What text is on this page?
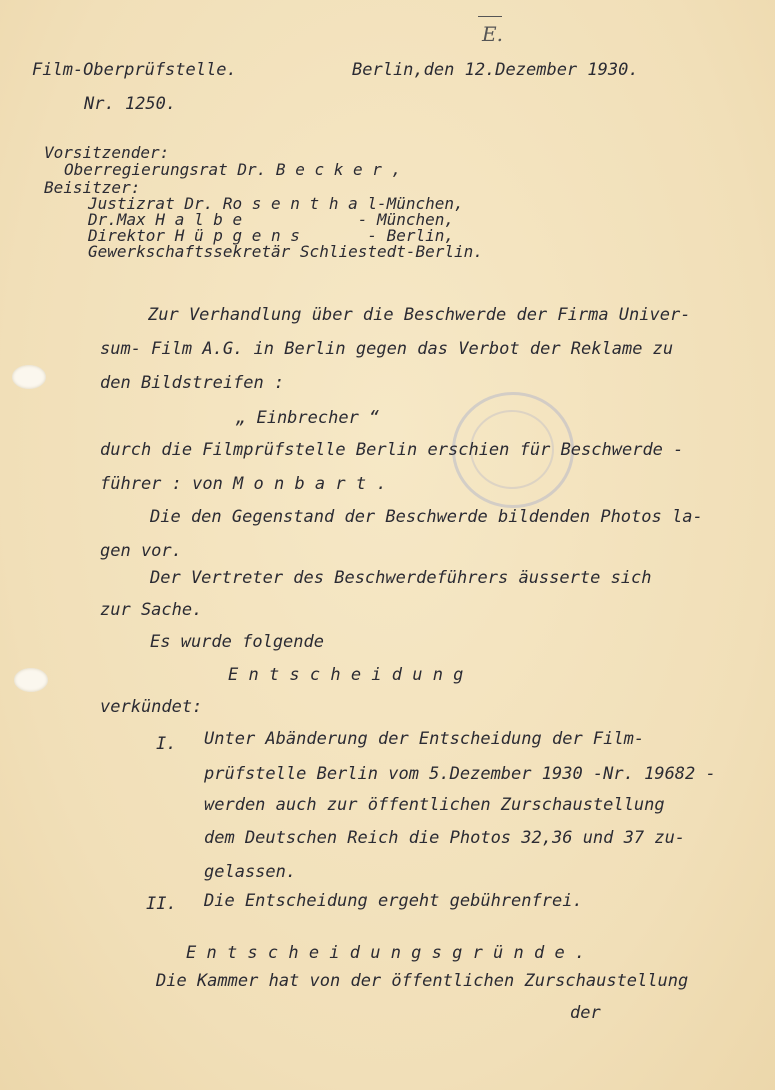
E.
Film-Oberprüfstelle.	Berlin,den 12.Dezember 1930.
Nr. 1250.
Vorsitzender:
Oberregierungsrat Dr. B e c k e r ,
Beisitzer:
Justizrat Dr. Ro s e n t h a l-München,
Dr.Max H a l b e            - München,
Direktor H ü p g e n s       - Berlin,
Gewerkschaftssekretär Schliestedt-Berlin.
Zur Verhandlung über die Beschwerde der Firma Univer-
sum- Film A.G. in Berlin gegen das Verbot der Reklame zu
den Bildstreifen :
„ Einbrecher “
durch die Filmprüfstelle Berlin erschien für Beschwerde -
führer : von M o n b a r t .
Die den Gegenstand der Beschwerde bildenden Photos la-
gen vor.
Der Vertreter des Beschwerdeführers äusserte sich
zur Sache.
Es wurde folgende
E n t s c h e i d u n g
verkündet:
I. Unter Abänderung der Entscheidung der Film-
prüfstelle Berlin vom 5.Dezember 1930 -Nr. 19682 -
werden auch zur öffentlichen Zurschaustellung
dem Deutschen Reich die Photos 32,36 und 37 zu-
gelassen.
II. Die Entscheidung ergeht gebührenfrei.
E n t s c h e i d u n g s g r ü n d e .
Die Kammer hat von der öffentlichen Zurschaustellung
der
